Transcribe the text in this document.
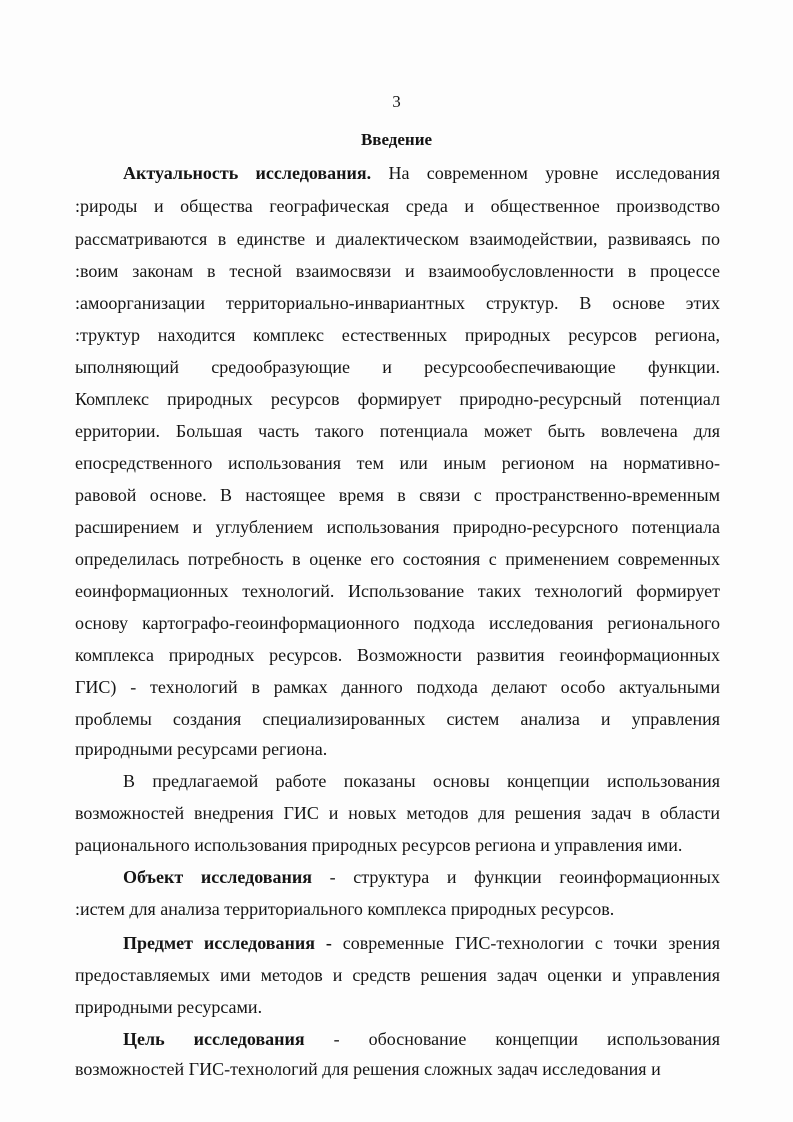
3
Введение
Актуальность исследования. На современном уровне исследования
:рироды и общества географическая среда и общественное производство
рассматриваются в единстве и диалектическом взаимодействии, развиваясь по
:воим законам в тесной взаимосвязи и взаимообусловленности в процессе
:амоорганизации территориально-инвариантных структур. В основе этих
:труктур находится комплекс естественных природных ресурсов региона,
ыполняющий средообразующие и ресурсообеспечивающие функции.
Комплекс природных ресурсов формирует природно-ресурсный потенциал
ерритории. Большая часть такого потенциала может быть вовлечена для
епосредственного использования тем или иным регионом на нормативно-
равовой основе. В настоящее время в связи с пространственно-временным
расширением и углублением использования природно-ресурсного потенциала
определилась потребность в оценке его состояния с применением современных
еоинформационных технологий. Использование таких технологий формирует
основу картографо-геоинформационного подхода исследования регионального
комплекса природных ресурсов. Возможности развития геоинформационных
ГИС) - технологий в рамках данного подхода делают особо актуальными
проблемы создания специализированных систем анализа и управления
природными ресурсами региона.
В предлагаемой работе показаны основы концепции использования
возможностей внедрения ГИС и новых методов для решения задач в области
рационального использования природных ресурсов региона и управления ими.
Объект исследования - структура и функции геоинформационных
:истем для анализа территориального комплекса природных ресурсов.
Предмет исследования - современные ГИС-технологии с точки зрения
предоставляемых ими методов и средств решения задач оценки и управления
природными ресурсами.
Цель исследования - обоснование концепции использования
возможностей ГИС-технологий для решения сложных задач исследования и
